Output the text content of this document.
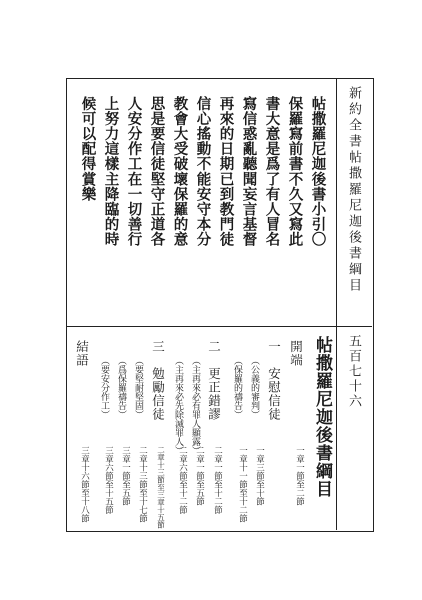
新約全書
帖撒羅尼迦後書綱目
五百七十六
帖撒羅尼迦後書小引〇
保羅寫前書不久又寫此
書大意是爲了有人冒名
寫信惑亂聽聞妄言基督
再來的日期已到教門徒
信心搖動不能安守本分
教會大受破壞保羅的意
思是要信徒堅守正道各
人安分作工在一切善行
上努力這樣主降臨的時
候可以配得賞樂
帖撒羅尼迦後書綱目
開端
一章一節至二節
一　安慰信徒
（公義的審判）
一章三節至十節
（保羅的禱告）
一章十一節至十二節
二　更正錯謬
二章一節至十二節
（主再來必有罪人顯露）
二章一節至五節
（主再來必先除滅罪人）
二章六節至十二節
三　勉勵信徒
二章十三節至三章十五節
（要堅耐堅固）
二章十三節至十七節
（爲保羅禱告）
三章一節至五節
（要安分作工）
三章六節至十五節
結語
三章十六節至十八節
